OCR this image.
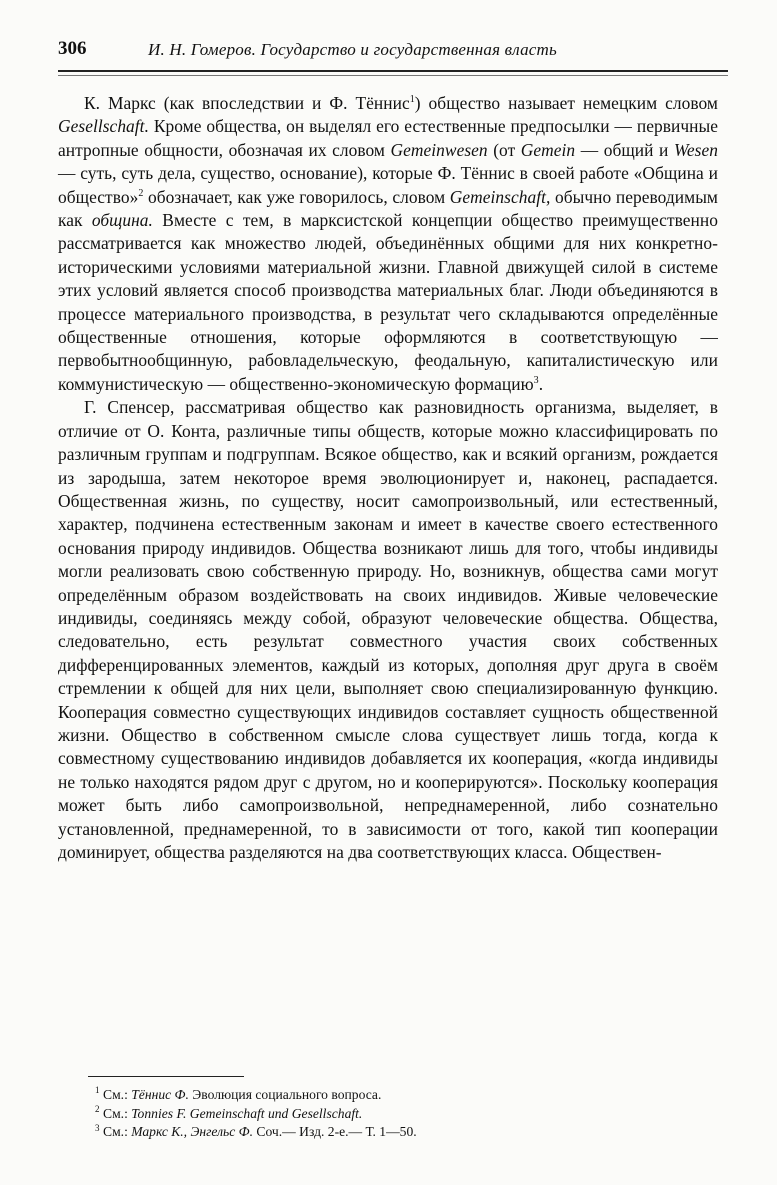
306	И. Н. Гомеров. Государство и государственная власть

К. Маркс (как впоследствии и Ф. Тённис$^1$) общество называет немецким словом Gesellschaft. Кроме общества, он выделял его естественные предпосылки — первичные антропные общности, обозначая их словом Gemeinwesen (от Gemein — общий и Wesen — суть, суть дела, существо, основание), которые Ф. Тённис в своей работе «Община и общество»$^2$ обозначает, как уже говорилось, словом Gemeinschaft, обычно переводимым как община. Вместе с тем, в марксистской концепции общество преимущественно рассматривается как множество людей, объединённых общими для них конкретно-историческими условиями материальной жизни. Главной движущей силой в системе этих условий является способ производства материальных благ. Люди объединяются в процессе материального производства, в результат чего складываются определённые общественные отношения, которые оформляются в соответствующую — первобытнообщинную, рабовладельческую, феодальную, капиталистическую или коммунистическую — общественно-экономическую формацию$^3$.

Г. Спенсер, рассматривая общество как разновидность организма, выделяет, в отличие от О. Конта, различные типы обществ, которые можно классифицировать по различным группам и подгруппам. Всякое общество, как и всякий организм, рождается из зародыша, затем некоторое время эволюционирует и, наконец, распадается. Общественная жизнь, по существу, носит самопроизвольный, или естественный, характер, подчинена естественным законам и имеет в качестве своего естественного основания природу индивидов. Общества возникают лишь для того, чтобы индивиды могли реализовать свою собственную природу. Но, возникнув, общества сами могут определённым образом воздействовать на своих индивидов. Живые человеческие индивиды, соединяясь между собой, образуют человеческие общества. Общества, следовательно, есть результат совместного участия своих собственных дифференцированных элементов, каждый из которых, дополняя друг друга в своём стремлении к общей для них цели, выполняет свою специализированную функцию. Кооперация совместно существующих индивидов составляет сущность общественной жизни. Общество в собственном смысле слова существует лишь тогда, когда к совместному существованию индивидов добавляется их кооперация, «когда индивиды не только находятся рядом друг с другом, но и кооперируются». Поскольку кооперация может быть либо самопроизвольной, непреднамеренной, либо сознательно установленной, преднамеренной, то в зависимости от того, какой тип кооперации доминирует, общества разделяются на два соответствующих класса. Обществен-

1 См.: Тённис Ф. Эволюция социального вопроса.

2 См.: Tonnies F. Gemeinschaft und Gesellschaft.

3 См.: Маркс К., Энгельс Ф. Соч.— Изд. 2-е.— Т. 1—50.
